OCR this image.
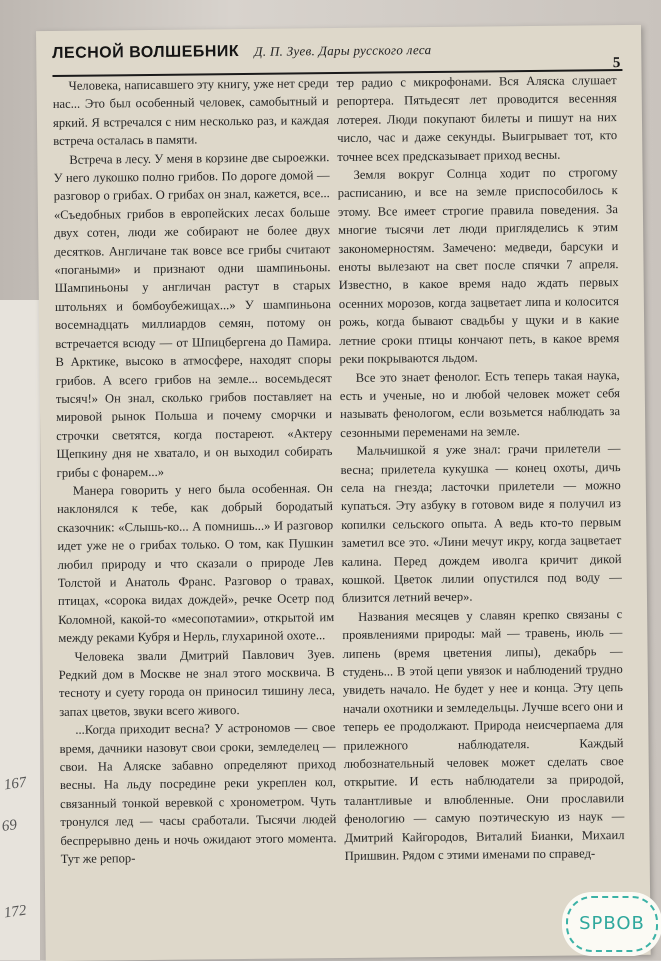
167
69
172
ЛЕСНОЙ ВОЛШЕБНИК Д. П. Зуев. Дары русского леса
5

Человека, написавшего эту книгу, уже нет среди нас... Это был особенный человек, самобытный и яркий. Я встречался с ним несколько раз, и каждая встреча осталась в памяти.

Встреча в лесу. У меня в корзине две сыроежки. У него лукошко полно грибов. По дороге домой — разговор о грибах. О грибах он знал, кажется, все... «Съедобных грибов в европейских лесах больше двух сотен, люди же собирают не более двух десятков. Англичане так вовсе все грибы считают «погаными» и признают одни шампиньоны. Шампиньоны у англичан растут в старых штольнях и бомбоубежищах...» У шампиньона восемнадцать миллиардов семян, потому он встречается всюду — от Шпицбергена до Памира. В Арктике, высоко в атмосфере, находят споры грибов. А всего грибов на земле... восемьдесят тысяч!» Он знал, сколько грибов поставляет на мировой рынок Польша и почему сморчки и строчки светятся, когда постареют. «Актеру Щепкину дня не хватало, и он выходил собирать грибы с фонарем...»

Манера говорить у него была особенная. Он наклонялся к тебе, как добрый бородатый сказочник: «Слышь-ко... А помнишь...» И разговор идет уже не о грибах только. О том, как Пушкин любил природу и что сказали о природе Лев Толстой и Анатоль Франс. Разговор о травах, птицах, «сорока видах дождей», речке Осетр под Коломной, какой-то «месопотамии», открытой им между реками Кубря и Нерль, глухариной охоте...

Человека звали Дмитрий Павлович Зуев. Редкий дом в Москве не знал этого москвича. В тесноту и суету города он приносил тишину леса, запах цветов, звуки всего живого.

...Когда приходит весна? У астрономов — свое время, дачники назовут свои сроки, земледелец — свои. На Аляске забавно определяют приход весны. На льду посредине реки укреплен кол, связанный тонкой веревкой с хронометром. Чуть тронулся лед — часы сработали. Тысячи людей беспрерывно день и ночь ожидают этого момента. Тут же репор-

тер радио с микрофонами. Вся Аляска слушает репортера. Пятьдесят лет проводится весенняя лотерея. Люди покупают билеты и пишут на них число, час и даже секунды. Выигрывает тот, кто точнее всех предсказывает приход весны.

Земля вокруг Солнца ходит по строгому расписанию, и все на земле приспособилось к этому. Все имеет строгие правила поведения. За многие тысячи лет люди пригляделись к этим закономерностям. Замечено: медведи, барсуки и еноты вылезают на свет после спячки 7 апреля. Известно, в какое время надо ждать первых осенних морозов, когда зацветает липа и колосится рожь, когда бывают свадьбы у щуки и в какие летние сроки птицы кончают петь, в какое время реки покрываются льдом.

Все это знает фенолог. Есть теперь такая наука, есть и ученые, но и любой человек может себя называть фенологом, если возьмется наблюдать за сезонными переменами на земле.

Мальчишкой я уже знал: грачи прилетели — весна; прилетела кукушка — конец охоты, дичь села на гнезда; ласточки прилетели — можно купаться. Эту азбуку в готовом виде я получил из копилки сельского опыта. А ведь кто-то первым заметил все это. «Лини мечут икру, когда зацветает калина. Перед дождем иволга кричит дикой кошкой. Цветок лилии опустился под воду — близится летний вечер».

Названия месяцев у славян крепко связаны с проявлениями природы: май — травень, июль — липень (время цветения липы), декабрь — студень... В этой цепи увязок и наблюдений трудно увидеть начало. Не будет у нее и конца. Эту цепь начали охотники и земледельцы. Лучше всего они и теперь ее продолжают. Природа неисчерпаема для прилежного наблюдателя. Каждый любознательный человек может сделать свое открытие. И есть наблюдатели за природой, талантливые и влюбленные. Они прославили фенологию — самую поэтическую из наук — Дмитрий Кайгородов, Виталий Бианки, Михаил Пришвин. Рядом с этими именами по справед-

SPBOB
